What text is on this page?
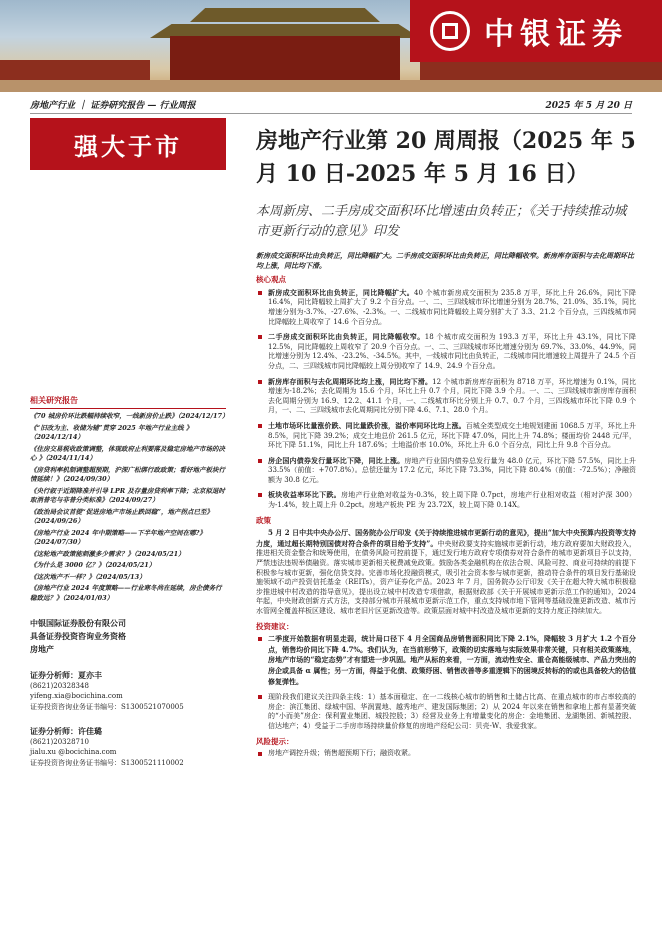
中银证券
房地产行业 ｜ 证券研究报告 — 行业周报	2025 年 5 月 20 日
强大于市	房地产行业第 20 周周报（2025 年 5 月 10 日-2025 年 5 月 16 日）
本周新房、二手房成交面积环比增速由负转正；《关于持续推动城市更新行动的意见》印发
相关研究报告
《70 城房价环比跌幅持续收窄，一线新房价止跌》（2024/12/17）
《“旧改为主、收储为辅”贯穿 2025 年地产行业主线 》（2024/12/14）
《住房交易税收政策调整，体现政府止利要落及稳定房地产市场的决心 》（2024/11/14）
《房贷利率机制调整超预期，沪深广松绑行政政策；看好地产板块行情延续！》（2024/09/30）
《央行叙于近期降准并引导 LPR 及存量房贷利率下降；北京拟退时取消普宅与非普分类标准》（2024/09/27）
《政治局会议首提“促进房地产市场止跌回稳”，地产拐点已至》（2024/09/26）
《房地产行业 2024 年中期策略——下半年地产空间在哪?》（2024/07/30）
《这轮地产政策能刺激多少需求？》（2024/05/21）
《为什么是 3000 亿？》（2024/05/21）
《这次地产不一样？》（2024/05/13）
《房地产行业 2024 年度策略——行业寒冬尚在延续，房企债务行稳致远？》（2024/01/03）
中银国际证券股份有限公司
具备证券投资咨询业务资格
房地产
证券分析师：夏亦丰
(8621)20328348
yifeng.xia@bocichina.com
证券投资咨询业务证书编号：S1300521070005
证券分析师：许佳璐
(8621)20328710
jialu.xu @bocichina.com
证券投资咨询业务证书编号：S1300521110002
新房成交面积环比由负转正，同比降幅扩大。二手房成交面积环比由负转正，同比降幅收窄。新房库存面积与去化周期环比均上涨，同比均下滑。
核心观点
新房成交面积环比由负转正，同比降幅扩大。40 个城市新房成交面积为 235.8 万平，环比上升 26.6%，同比下降 16.4%，同比降幅较上周扩大了 9.2 个百分点。一、二、三四线城市环比增速分别为 28.7%、21.0%、35.1%，同比增速分别为-3.7%、-27.6%、-2.3%。一、二线城市同比降幅较上周分别扩大了 3.3、21.2 个百分点，三四线城市同比降幅较上周收窄了 14.6 个百分点。
二手房成交面积环比由负转正，同比降幅收窄。18 个城市成交面积为 193.3 万平，环比上升 43.1%，同比下降 12.5%，同比降幅较上周收窄了 20.9 个百分点。一、二、三四线城市环比增速分别为 69.7%、33.0%、44.9%，同比增速分别为 12.4%、-23.2%、-34.5%。其中，一线城市同比由负转正，二线城市同比增速较上周提升了 24.5 个百分点，二、三四线城市同比降幅较上周分别收窄了 14.9、24.9 个百分点。
新房库存面积与去化周期环比均上涨，同比均下滑。12 个城市新房库存面积为 8718 万平，环比增速为 0.1%，同比增速为-18.2%；去化周期为 15.6 个月，环比上升 0.7 个月，同比下降 3.9 个月。一、二、三四线城市新房库存面积去化周期分别为 16.9、12.2、41.1 个月，一、二线城市环比分别上升 0.7、0.7 个月，三四线城市环比下降 0.9 个月，一、二、三四线城市去化周期同比分别下降 4.6、7.1、28.0 个月。
土地市场环比量涨价跌、同比量跌价涨，溢价率同环比均上涨。百城全类型成交土地规划建面 1068.5 万平，环比上升 8.5%，同比下降 39.2%；成交土地总价 261.5 亿元，环比下降 47.0%，同比上升 74.8%；楼面均价 2448 元/平，环比下降 51.1%，同比上升 187.6%；土地溢价率 10.0%，环比上升 6.0 个百分点，同比上升 9.8 个百分点。
房企国内债券发行量环比下降，同比上涨。房地产行业国内债券总发行量为 48.0 亿元，环比下降 57.5%，同比上升 33.5%（前值：+707.8%）。总偿还量为 17.2 亿元，环比下降 73.3%，同比下降 80.4%（前值：-72.5%）；净融资额为 30.8 亿元。
板块收益率环比下跌。房地产行业绝对收益为-0.3%，较上周下降 0.7pct，房地产行业相对收益（相对沪深 300）为-1.4%，较上周上升 0.2pct。房地产板块 PE 为 23.72X，较上周下降 0.14X。
政策
5 月 2 日中共中央办公厅、国务院办公厅印发《关于持续推进城市更新行动的意见》，提出“加大中央预算内投资等支持力度，通过超长期特别国债对符合条件的项目给予支持”。中央财政要支持实施城市更新行动，地方政府要加大财政投入，推进相关资金整合和统筹使用，在债务风险可控前提下，通过发行地方政府专项债券对符合条件的城市更新项目予以支持，严禁违法违规举债融资。落实城市更新相关税费减免政策。鼓励各类金融机构在依法合规、风险可控、商业可持续的前提下积极参与城市更新，强化信贷支持。完善市场化投融资模式，吸引社会资本参与城市更新，推动符合条件的项目发行基础设施领域不动产投资信托基金（REITs），资产证券化产品。2023 年 7 月，国务院办公厅印发《关于在超大特大城市积极稳步推进城中村改造的指导意见》，提出设立城中村改造专项借款，根据财政部《关于开展城市更新示范工作的通知》，2024 年起，中央财政创新方式方法，支持部分城市开展城市更新示范工作，重点支持城市地下管网等基础设施更新改造、城市污水管网全覆盖样板区建设、城市老旧片区更新改造等。政策层面对城中村改造及城市更新的支持力度正持续加大。
投资建议：
二季度开始数据有明显走弱，统计局口径下 4 月全国商品房销售面积同比下降 2.1%，降幅较 3 月扩大 1.2 个百分点，销售均价同比下降 4.7%。我们认为，在当前形势下，政策的切实落地与实际效果非常关键，只有相关政策落地，房地产市场的“稳定态势”才有望进一步巩固。地产从标的来看，一方面，流动性安全、重仓高能级城市、产品力突出的房企或具备 α 属性；另一方面，得益于化债、政策纾困、销售改善等多重逻辑下的困境反转标的的或也具备较大的估值修复弹性。
现阶段我们建议关注四条主线：1）基本面稳定、在一二线核心城市的销售和土储占比高、在重点城市的市占率较高的房企：滨江集团、绿城中国、华润置地、越秀地产、建发国际集团；2）从 2024 年以来在销售和拿地上都有显著突破的“小而美”房企：保利置业集团、城投控股；3）经营及业务上有增量变化的房企：金地集团、龙湖集团、新城控股、信达地产；4）受益于二手房市场持续量价修复的房地产经纪公司：贝壳-W、我爱我家。
风险提示：
房地产调控升级；销售超预期下行；融资收紧。
